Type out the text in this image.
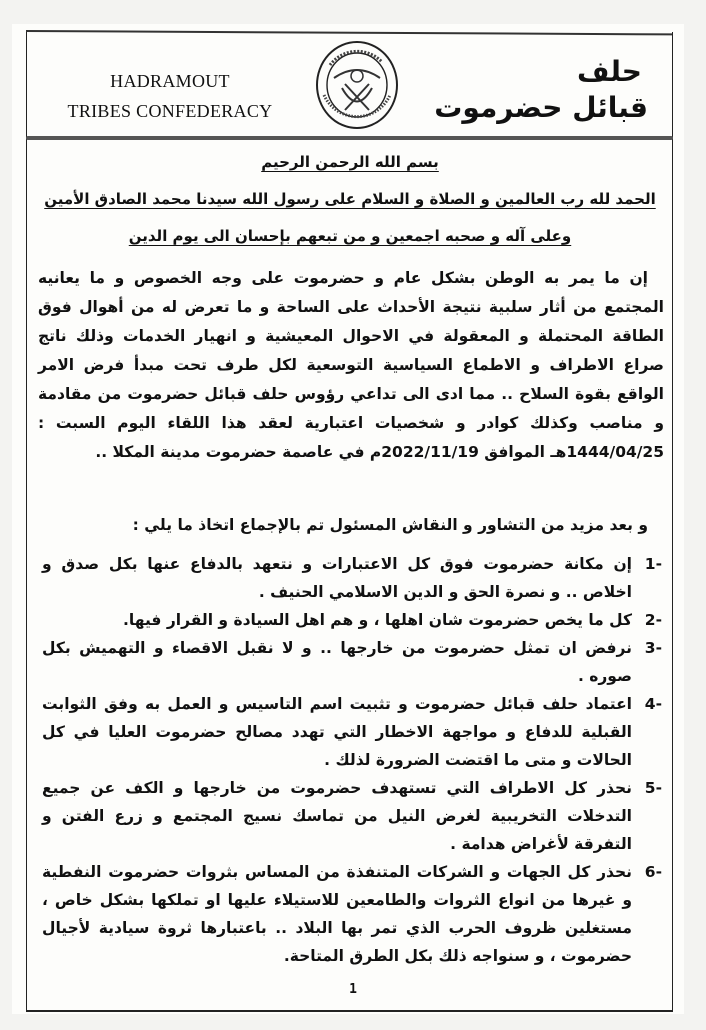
HADRAMOUT
TRIBES CONFEDERACY
حلف
قبائل حضرموت
بسم الله الرحمن الرحيم
الحمد لله رب العالمين و الصلاة و السلام على رسول الله سيدنا محمد الصادق الأمين
وعلى آله و صحبه اجمعين و من تبعهم بإحسان الى يوم الدين

إن ما يمر به الوطن بشكل عام و حضرموت على وجه الخصوص و ما يعانيه المجتمع من أثار سلبية نتيجة الأحداث على الساحة و ما تعرض له من أهوال فوق الطاقة المحتملة و المعقولة في الاحوال المعيشية و انهيار الخدمات وذلك ناتج صراع الاطراف و الاطماع السياسية التوسعية لكل طرف تحت مبدأ فرض الامر الواقع بقوة السلاح .. مما ادى الى تداعي رؤوس حلف قبائل حضرموت من مقادمة و مناصب وكذلك كوادر و شخصيات اعتبارية لعقد هذا اللقاء اليوم السبت : 1444/04/25هـ الموافق 2022/11/19م في عاصمة حضرموت مدينة المكلا ..

و بعد مزيد من التشاور و النقاش المسئول تم بالإجماع اتخاذ ما يلي :
-1
إن مكانة حضرموت فوق كل الاعتبارات و نتعهد بالدفاع عنها بكل صدق و اخلاص .. و نصرة الحق و الدين الاسلامي الحنيف .
-2
كل ما يخص حضرموت شان اهلها ، و هم اهل السيادة و القرار فيها.
-3
نرفض ان تمثل حضرموت من خارجها .. و لا نقبل الاقصاء و التهميش بكل صوره .
-4
اعتماد حلف قبائل حضرموت و تثبيت اسم التاسيس و العمل به وفق الثوابت القبلية للدفاع و مواجهة الاخطار التي تهدد مصالح حضرموت العليا في كل الحالات و متى ما اقتضت الضرورة لذلك .
-5
نحذر كل الاطراف التي تستهدف حضرموت من خارجها و الكف عن جميع التدخلات التخريبية لغرض النيل من تماسك نسيج المجتمع و زرع الفتن و التفرقة لأغراض هدامة .
-6
نحذر كل الجهات و الشركات المتنفذة من المساس بثروات حضرموت النفطية و غيرها من انواع الثروات والطامعين للاستيلاء عليها او تملكها بشكل خاص ، مستغلين ظروف الحرب الذي تمر بها البلاد .. باعتبارها ثروة سيادية لأجيال حضرموت ، و سنواجه ذلك بكل الطرق المتاحة.
1
